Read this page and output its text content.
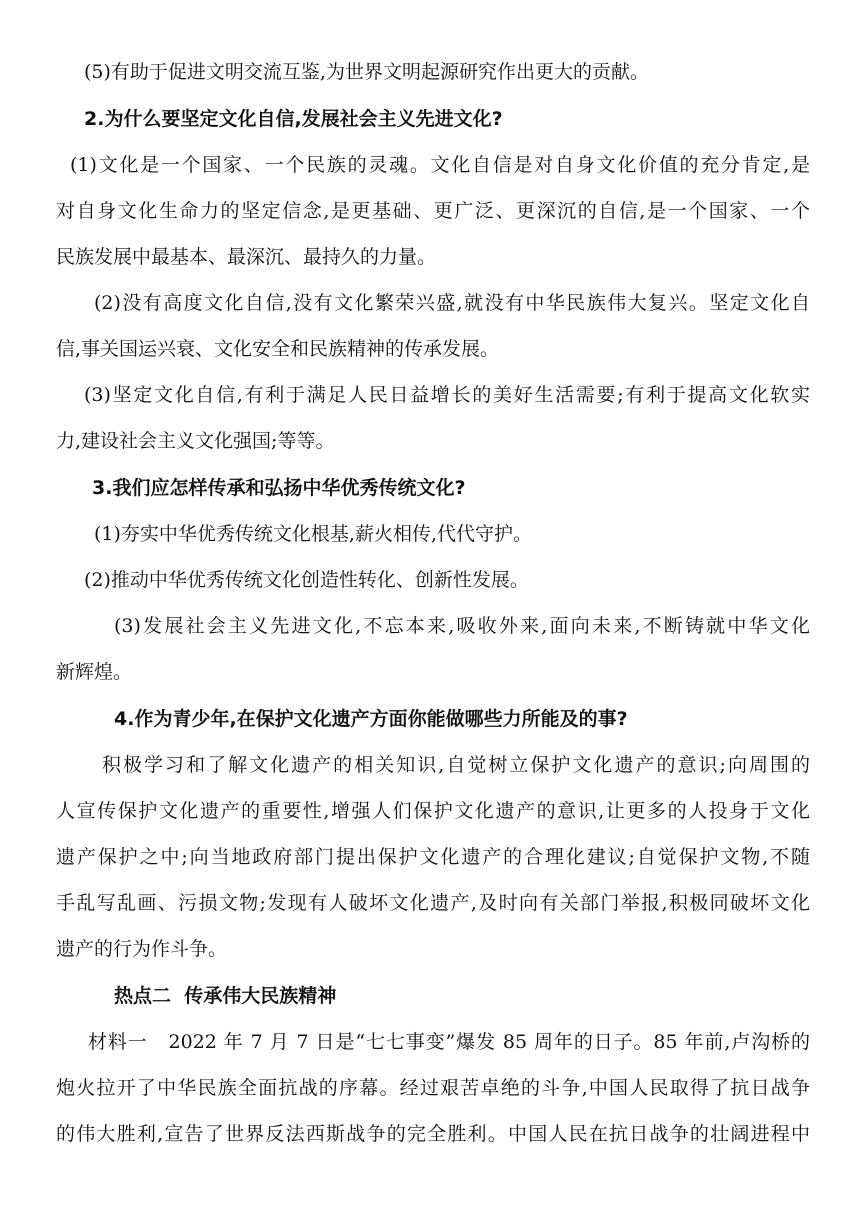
(5)有助于促进文明交流互鉴,为世界文明起源研究作出更大的贡献。
2.为什么要坚定文化自信,发展社会主义先进文化?
(1)文化是一个国家、一个民族的灵魂。文化自信是对自身文化价值的充分肯定,是
对自身文化生命力的坚定信念,是更基础、更广泛、更深沉的自信,是一个国家、一个
民族发展中最基本、最深沉、最持久的力量。
(2)没有高度文化自信,没有文化繁荣兴盛,就没有中华民族伟大复兴。坚定文化自
信,事关国运兴衰、文化安全和民族精神的传承发展。
(3)坚定文化自信,有利于满足人民日益增长的美好生活需要;有利于提高文化软实
力,建设社会主义文化强国;等等。
3.我们应怎样传承和弘扬中华优秀传统文化?
(1)夯实中华优秀传统文化根基,薪火相传,代代守护。
(2)推动中华优秀传统文化创造性转化、创新性发展。
(3)发展社会主义先进文化,不忘本来,吸收外来,面向未来,不断铸就中华文化
新辉煌。
4.作为青少年,在保护文化遗产方面你能做哪些力所能及的事?
积极学习和了解文化遗产的相关知识,自觉树立保护文化遗产的意识;向周围的
人宣传保护文化遗产的重要性,增强人们保护文化遗产的意识,让更多的人投身于文化
遗产保护之中;向当地政府部门提出保护文化遗产的合理化建议;自觉保护文物,不随
手乱写乱画、污损文物;发现有人破坏文化遗产,及时向有关部门举报,积极同破坏文化
遗产的行为作斗争。
热点二  传承伟大民族精神
材料一   2022 年 7 月 7 日是“七七事变”爆发 85 周年的日子。85 年前,卢沟桥的
炮火拉开了中华民族全面抗战的序幕。经过艰苦卓绝的斗争,中国人民取得了抗日战争
的伟大胜利,宣告了世界反法西斯战争的完全胜利。中国人民在抗日战争的壮阔进程中
